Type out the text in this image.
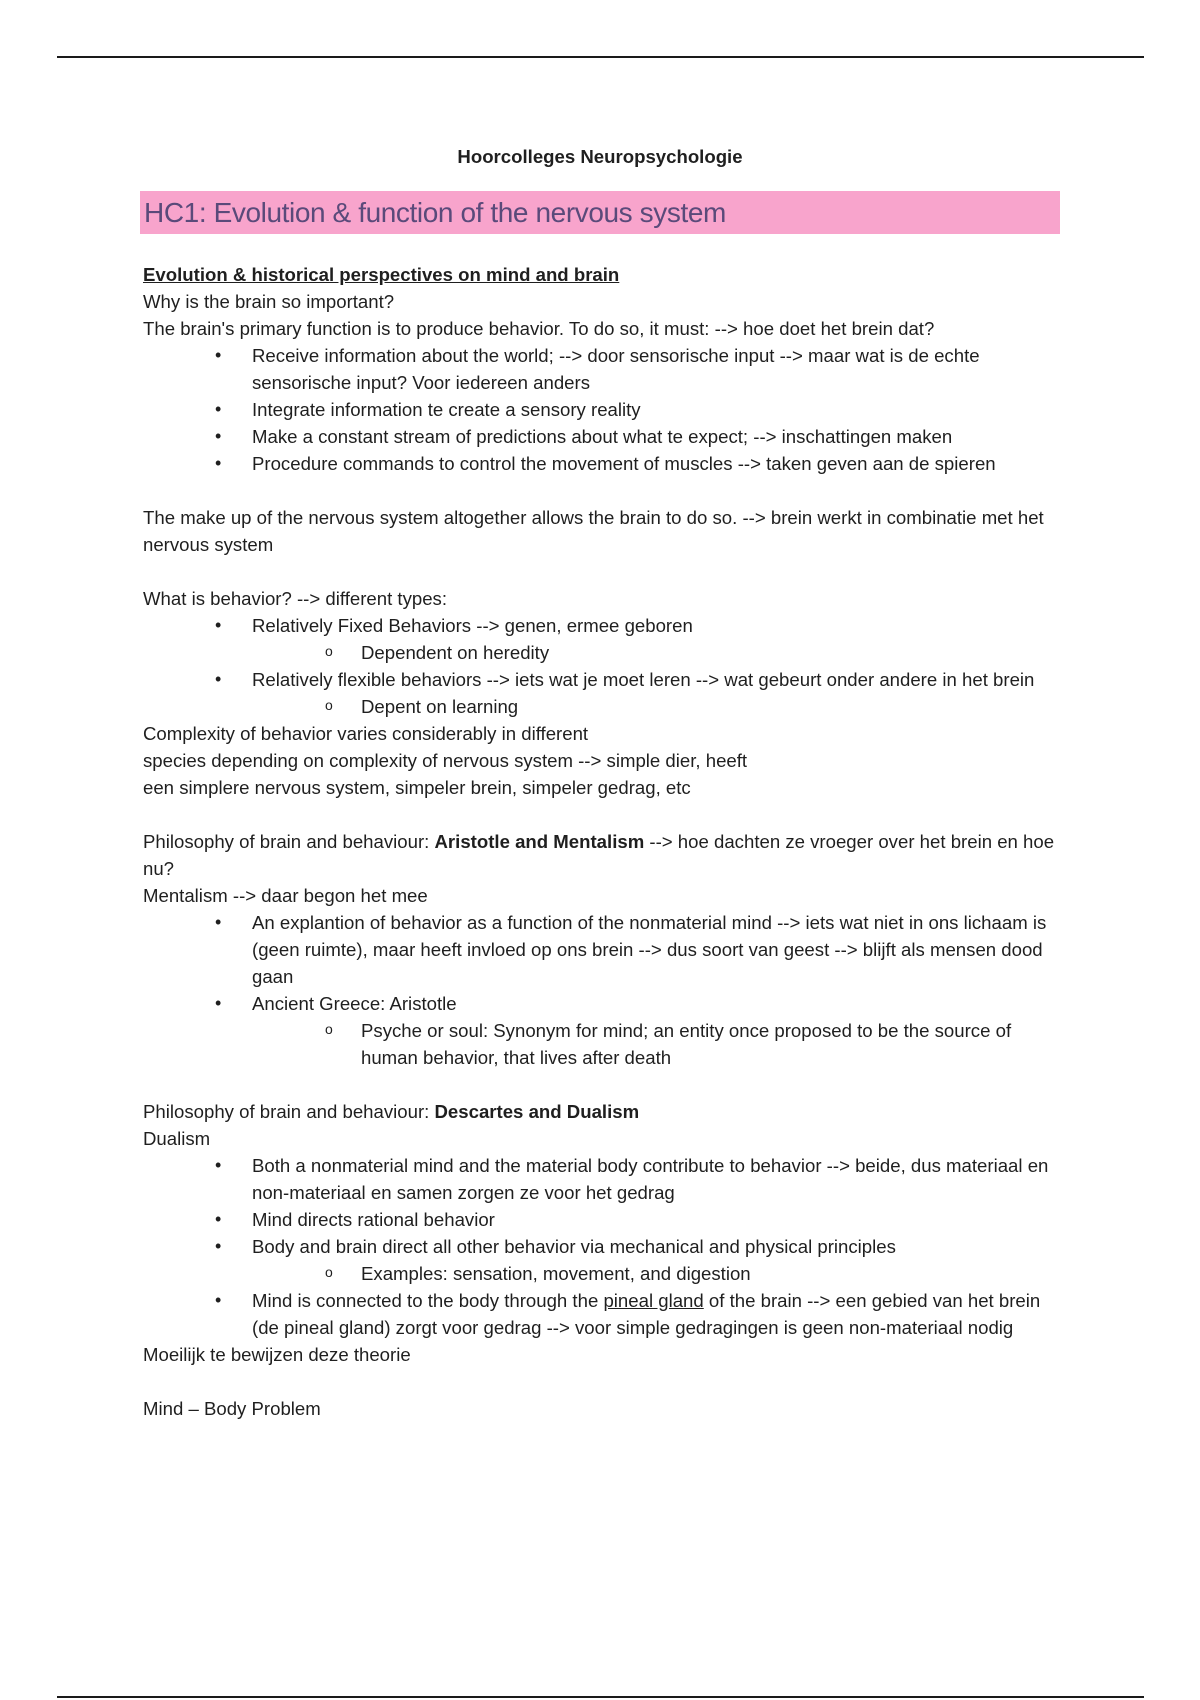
Hoorcolleges Neuropsychologie
HC1: Evolution & function of the nervous system
Evolution & historical perspectives on mind and brain
Why is the brain so important?
The brain's primary function is to produce behavior. To do so, it must: --> hoe doet het brein dat?
• Receive information about the world; --> door sensorische input --> maar wat is de echte sensorische input? Voor iedereen anders
• Integrate information te create a sensory reality
• Make a constant stream of predictions about what te expect; --> inschattingen maken
• Procedure commands to control the movement of muscles --> taken geven aan de spieren
The make up of the nervous system altogether allows the brain to do so. --> brein werkt in combinatie met het nervous system
What is behavior? --> different types:
• Relatively Fixed Behaviors --> genen, ermee geboren
o Dependent on heredity
• Relatively flexible behaviors --> iets wat je moet leren --> wat gebeurt onder andere in het brein
o Depent on learning
Complexity of behavior varies considerably in different
species depending on complexity of nervous system --> simple dier, heeft
een simplere nervous system, simpeler brein, simpeler gedrag, etc
Philosophy of brain and behaviour: Aristotle and Mentalism --> hoe dachten ze vroeger over het brein en hoe nu?
Mentalism --> daar begon het mee
• An explantion of behavior as a function of the nonmaterial mind --> iets wat niet in ons lichaam is (geen ruimte), maar heeft invloed op ons brein --> dus soort van geest --> blijft als mensen dood gaan
• Ancient Greece: Aristotle
o Psyche or soul: Synonym for mind; an entity once proposed to be the source of human behavior, that lives after death
Philosophy of brain and behaviour: Descartes and Dualism
Dualism
• Both a nonmaterial mind and the material body contribute to behavior --> beide, dus materiaal en non-materiaal en samen zorgen ze voor het gedrag
• Mind directs rational behavior
• Body and brain direct all other behavior via mechanical and physical principles
o Examples: sensation, movement, and digestion
• Mind is connected to the body through the pineal gland of the brain --> een gebied van het brein (de pineal gland) zorgt voor gedrag --> voor simple gedragingen is geen non-materiaal nodig
Moeilijk te bewijzen deze theorie
Mind – Body Problem
